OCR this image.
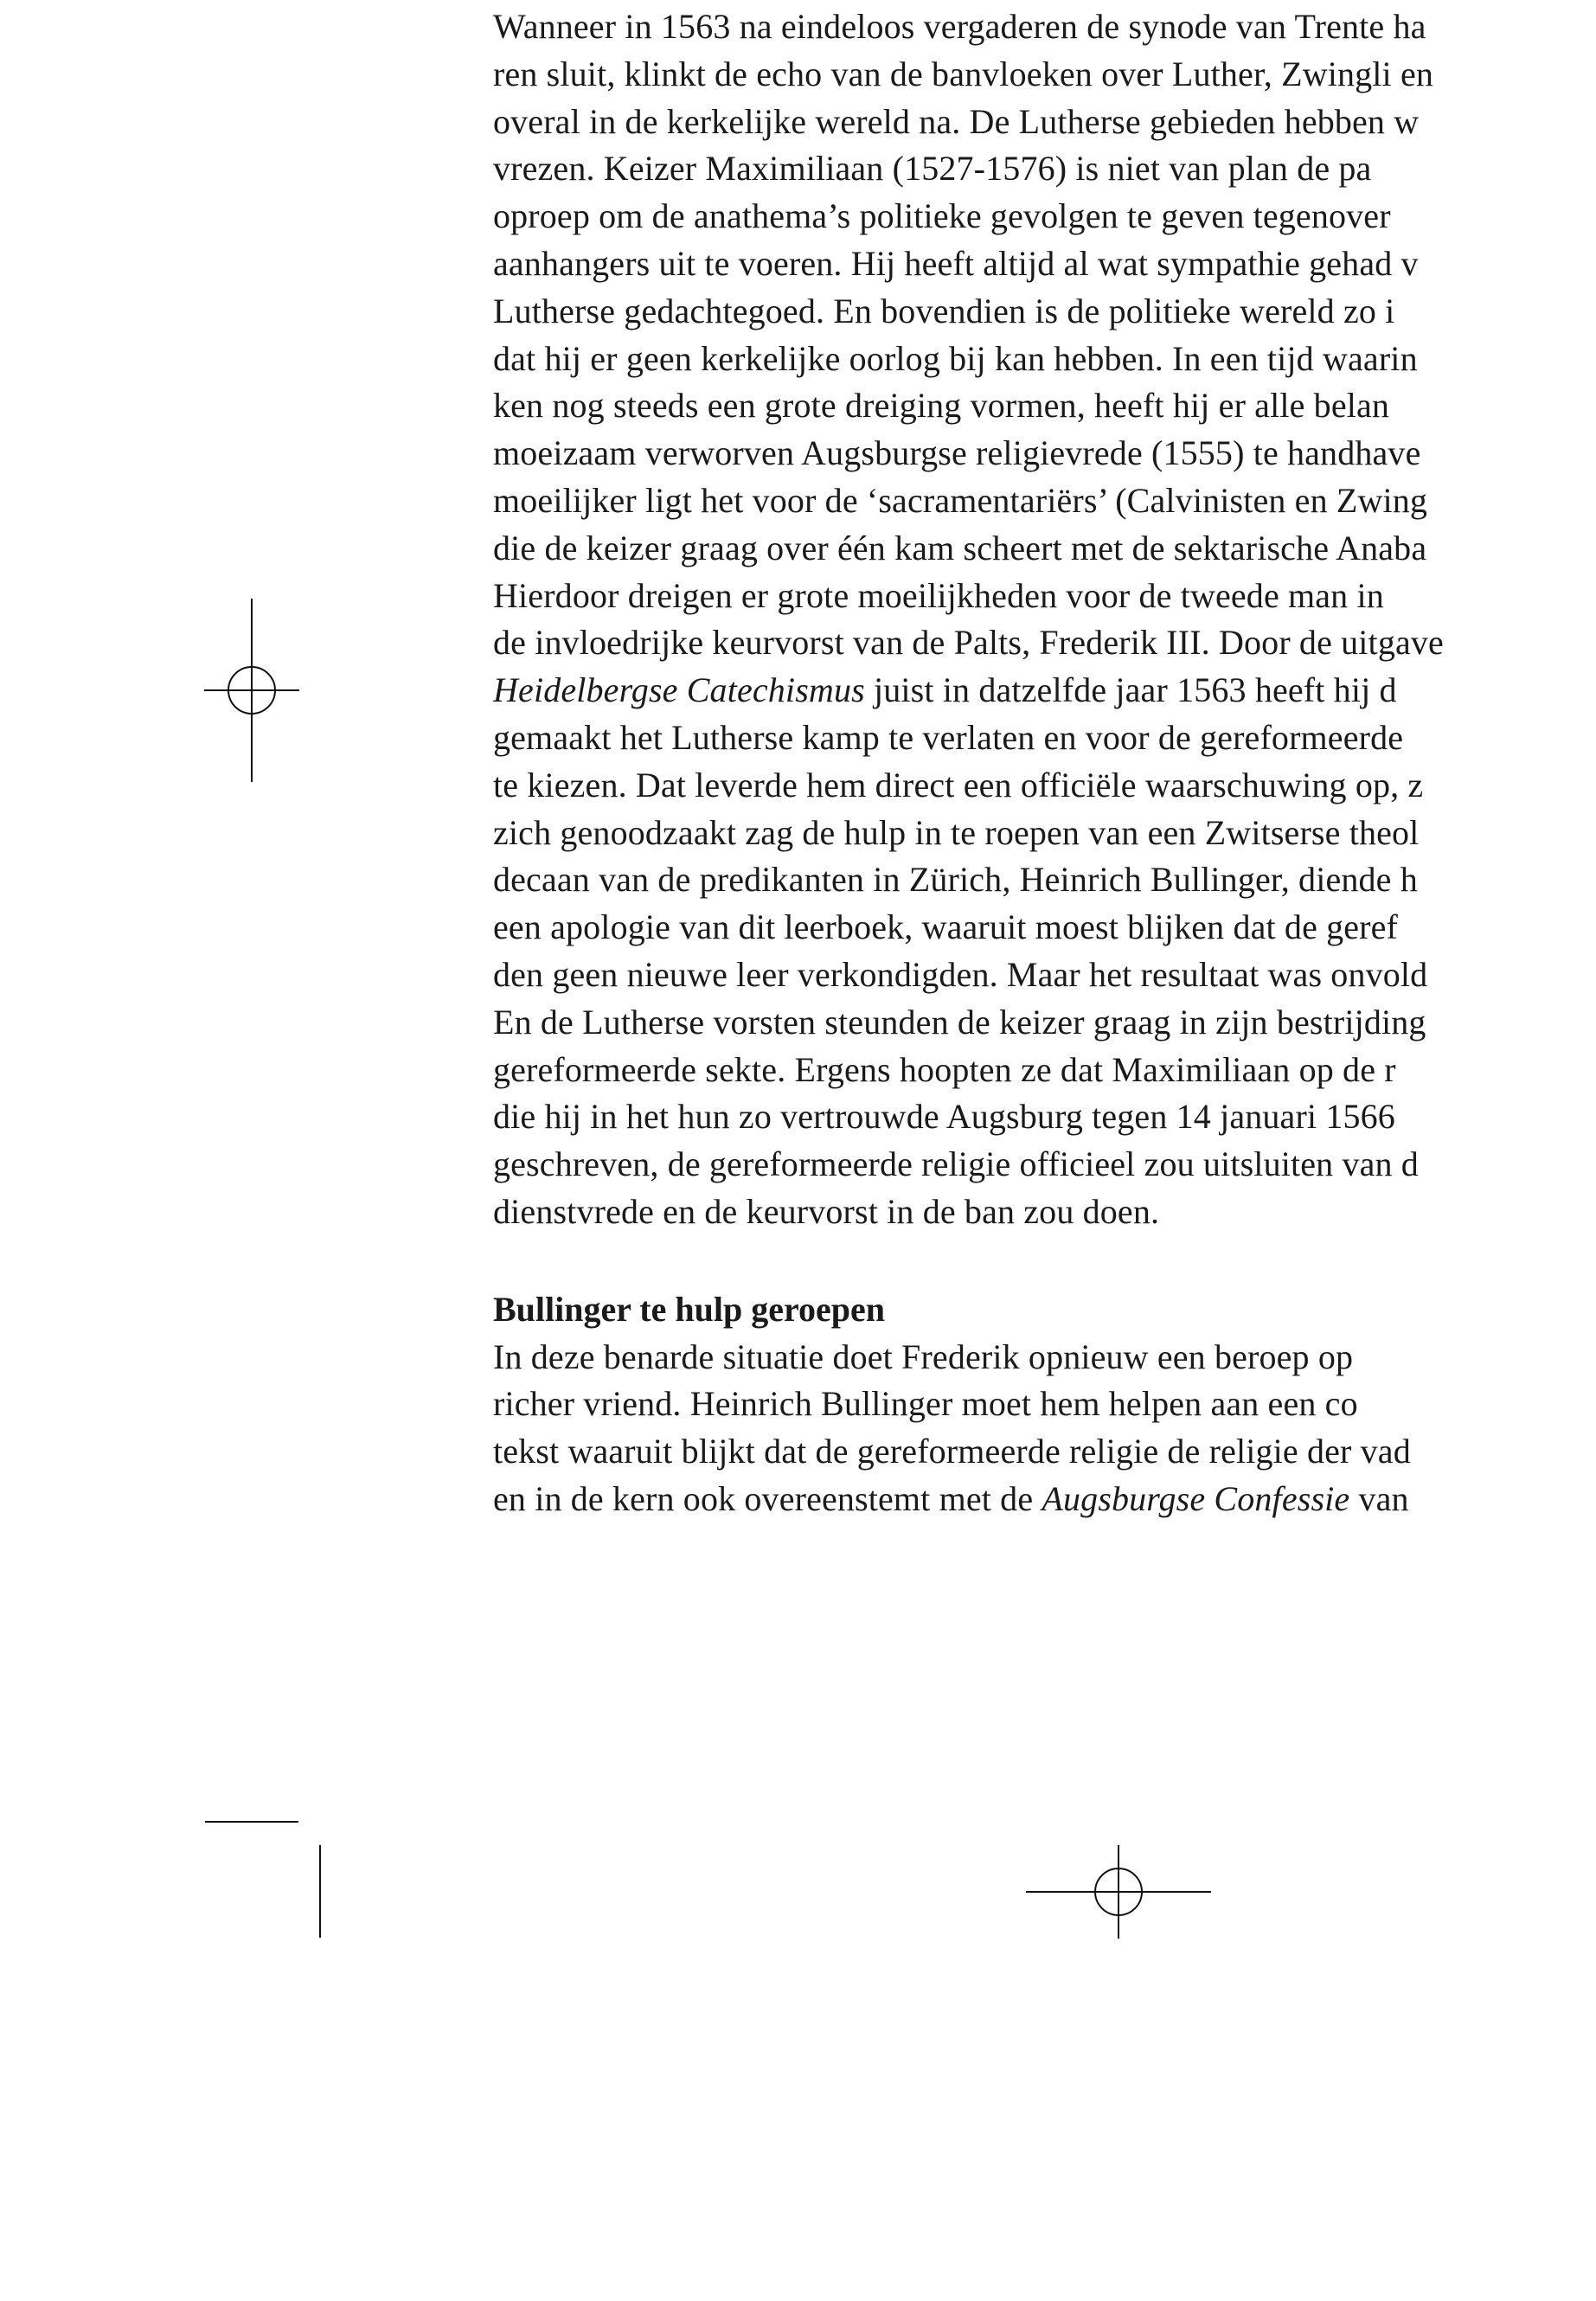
Wanneer in 1563 na eindeloos vergaderen de synode van Trente ha
ren sluit, klinkt de echo van de banvloeken over Luther, Zwingli en
overal in de kerkelijke wereld na. De Lutherse gebieden hebben w
vrezen. Keizer Maximiliaan (1527-1576) is niet van plan de pa
oproep om de anathema’s politieke gevolgen te geven tegenover
aanhangers uit te voeren. Hij heeft altijd al wat sympathie gehad v
Lutherse gedachtegoed. En bovendien is de politieke wereld zo i
dat hij er geen kerkelijke oorlog bij kan hebben. In een tijd waarin
ken nog steeds een grote dreiging vormen, heeft hij er alle belan
moeizaam verworven Augsburgse religievrede (1555) te handhave
moeilijker ligt het voor de ‘sacramentariërs’ (Calvinisten en Zwing
die de keizer graag over één kam scheert met de sektarische Anaba
Hierdoor dreigen er grote moeilijkheden voor de tweede man in
de invloedrijke keurvorst van de Palts, Frederik III. Door de uitgave
Heidelbergse Catechismus juist in datzelfde jaar 1563 heeft hij d
gemaakt het Lutherse kamp te verlaten en voor de gereformeerde
te kiezen. Dat leverde hem direct een officiële waarschuwing op, z
zich genoodzaakt zag de hulp in te roepen van een Zwitserse theol
decaan van de predikanten in Zürich, Heinrich Bullinger, diende h
een apologie van dit leerboek, waaruit moest blijken dat de geref
den geen nieuwe leer verkondigden. Maar het resultaat was onvold
En de Lutherse vorsten steunden de keizer graag in zijn bestrijding
gereformeerde sekte. Ergens hoopten ze dat Maximiliaan op de r
die hij in het hun zo vertrouwde Augsburg tegen 14 januari 1566
geschreven, de gereformeerde religie officieel zou uitsluiten van d
dienstvrede en de keurvorst in de ban zou doen.
Bullinger te hulp geroepen
In deze benarde situatie doet Frederik opnieuw een beroep op
richer vriend. Heinrich Bullinger moet hem helpen aan een co
tekst waaruit blijkt dat de gereformeerde religie de religie der vad
en in de kern ook overeenstemt met de Augsburgse Confessie van
